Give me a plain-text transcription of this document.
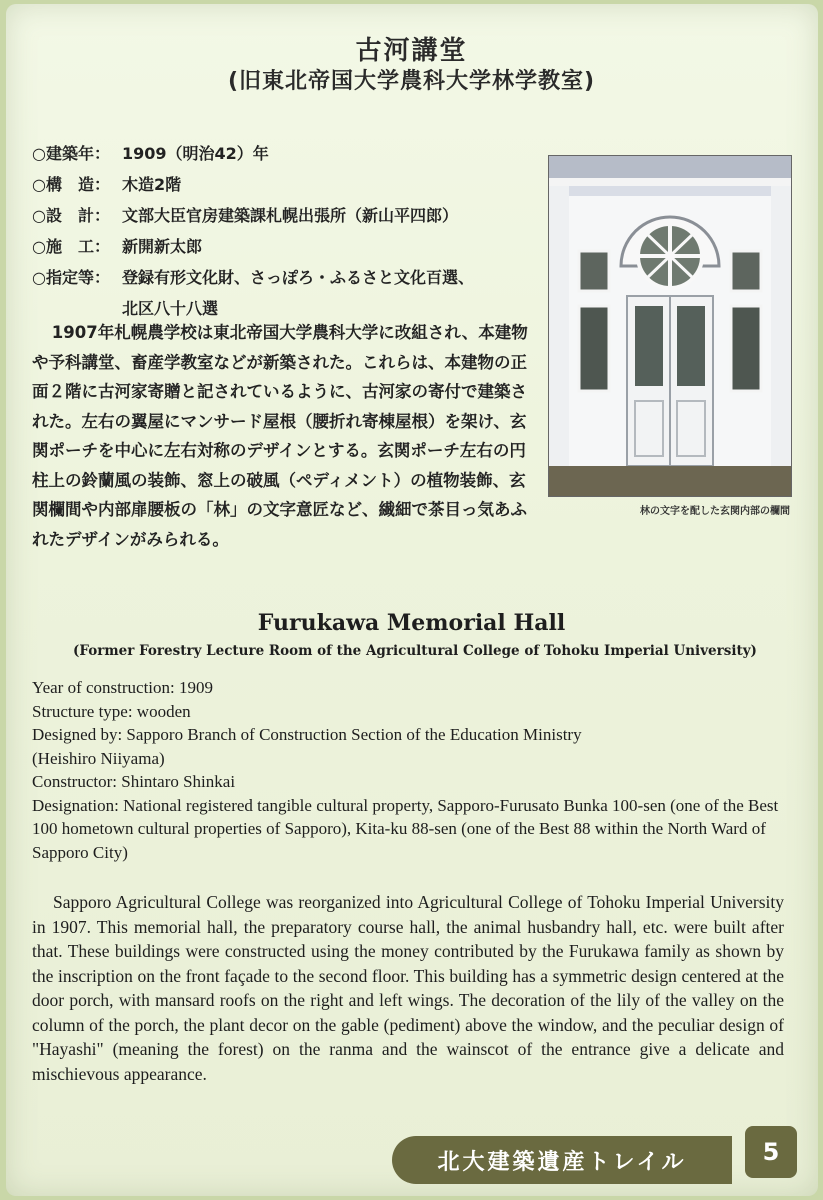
古河講堂
(旧東北帝国大学農科大学林学教室)
○建築年： 1909（明治42）年
○構　造： 木造2階
○設　計： 文部大臣官房建築課札幌出張所（新山平四郎）
○施　工： 新開新太郎
○指定等： 登録有形文化財、さっぽろ・ふるさと文化百選、
北区八十八選
1907年札幌農学校は東北帝国大学農科大学に改組され、本建物や予科講堂、畜産学教室などが新築された。これらは、本建物の正面２階に古河家寄贈と記されているように、古河家の寄付で建築された。左右の翼屋にマンサード屋根（腰折れ寄棟屋根）を架け、玄関ポーチを中心に左右対称のデザインとする。玄関ポーチ左右の円柱上の鈴蘭風の装飾、窓上の破風（ペディメント）の植物装飾、玄関欄間や内部扉腰板の「林」の文字意匠など、繊細で茶目っ気あふれたデザインがみられる。
林の文字を配した玄関内部の欄間
Furukawa Memorial Hall
(Former Forestry Lecture Room of the Agricultural College of Tohoku Imperial University)
Year of construction: 1909
Structure type: wooden
Designed by: Sapporo Branch of Construction Section of the Education Ministry
(Heishiro Niiyama)
Constructor: Shintaro Shinkai
Designation: National registered tangible cultural property, Sapporo-Furusato Bunka 100-sen (one of the Best 100 hometown cultural properties of Sapporo), Kita-ku 88-sen (one of the Best 88 within the North Ward of Sapporo City)
Sapporo Agricultural College was reorganized into Agricultural College of Tohoku Imperial University in 1907. This memorial hall, the preparatory course hall, the animal husbandry hall, etc. were built after that. These buildings were constructed using the money contributed by the Furukawa family as shown by the inscription on the front façade to the second floor. This building has a symmetric design centered at the door porch, with mansard roofs on the right and left wings. The decoration of the lily of the valley on the column of the porch, the plant decor on the gable (pediment) above the window, and the peculiar design of "Hayashi" (meaning the forest) on the ranma and the wainscot of the entrance give a delicate and mischievous appearance.
北大建築遺産トレイル	5
